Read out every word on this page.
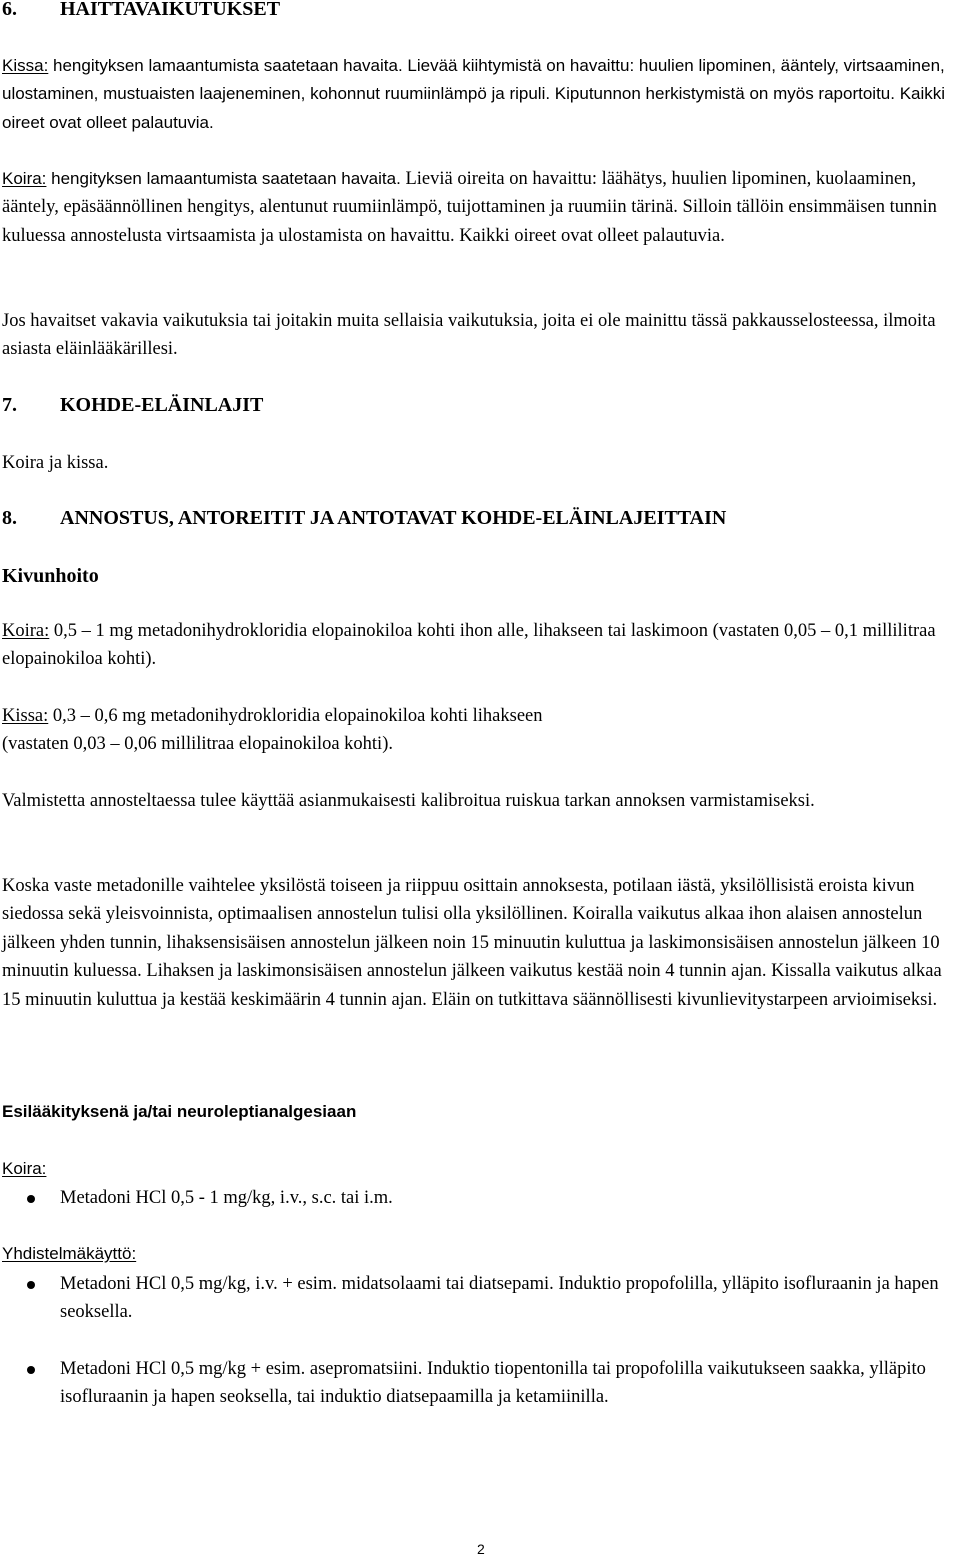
6. HAITTAVAIKUTUKSET
Kissa: hengityksen lamaantumista saatetaan havaita. Lievää kiihtymistä on havaittu: huulien lipominen, ääntely, virtsaaminen, ulostaminen, mustuaisten laajeneminen, kohonnut ruumiinlämpö ja ripuli. Kiputunnon herkistymistä on myös raportoitu. Kaikki oireet ovat olleet palautuvia.
Koira: hengityksen lamaantumista saatetaan havaita. Lieviä oireita on havaittu: läähätys, huulien lipominen, kuolaaminen, ääntely, epäsäännöllinen hengitys, alentunut ruumiinlämpö, tuijottaminen ja ruumiin tärinä. Silloin tällöin ensimmäisen tunnin kuluessa annostelusta virtsaamista ja ulostamista on havaittu. Kaikki oireet ovat olleet palautuvia.
Jos havaitset vakavia vaikutuksia tai joitakin muita sellaisia vaikutuksia, joita ei ole mainittu tässä pakkausselosteessa, ilmoita asiasta eläinlääkärillesi.
7. KOHDE-ELÄINLAJIT
Koira ja kissa.
8. ANNOSTUS, ANTOREITIT JA ANTOTAVAT KOHDE-ELÄINLAJEITTAIN
Kivunhoito
Koira: 0,5 – 1 mg metadonihydrokloridia elopainokiloa kohti ihon alle, lihakseen tai laskimoon (vastaten 0,05 – 0,1 millilitraa elopainokiloa kohti).
Kissa: 0,3 – 0,6 mg metadonihydrokloridia elopainokiloa kohti lihakseen
(vastaten 0,03 – 0,06 millilitraa elopainokiloa kohti).
Valmistetta annosteltaessa tulee käyttää asianmukaisesti kalibroitua ruiskua tarkan annoksen varmistamiseksi.
Koska vaste metadonille vaihtelee yksilöstä toiseen ja riippuu osittain annoksesta, potilaan iästä, yksilöllisistä eroista kivun siedossa sekä yleisvoinnista, optimaalisen annostelun tulisi olla yksilöllinen. Koiralla vaikutus alkaa ihon alaisen annostelun jälkeen yhden tunnin, lihaksensisäisen annostelun jälkeen noin 15 minuutin kuluttua ja laskimonsisäisen annostelun jälkeen 10 minuutin kuluessa. Lihaksen ja laskimonsisäisen annostelun jälkeen vaikutus kestää noin 4 tunnin ajan. Kissalla vaikutus alkaa 15 minuutin kuluttua ja kestää keskimäärin 4 tunnin ajan. Eläin on tutkittava säännöllisesti kivunlievitystarpeen arvioimiseksi.
Esilääkityksenä ja/tai neuroleptianalgesiaan
Koira:
Metadoni HCl 0,5 - 1 mg/kg, i.v., s.c. tai i.m.
Yhdistelmäkäyttö:
Metadoni HCl 0,5 mg/kg, i.v. + esim. midatsolaami tai diatsepami. Induktio propofolilla, ylläpito isofluraanin ja hapen seoksella.
Metadoni HCl 0,5 mg/kg + esim. asepromatsiini. Induktio tiopentonilla tai propofolilla vaikutukseen saakka, ylläpito isofluraanin ja hapen seoksella, tai induktio diatsepaamilla ja ketamiinilla.
2
